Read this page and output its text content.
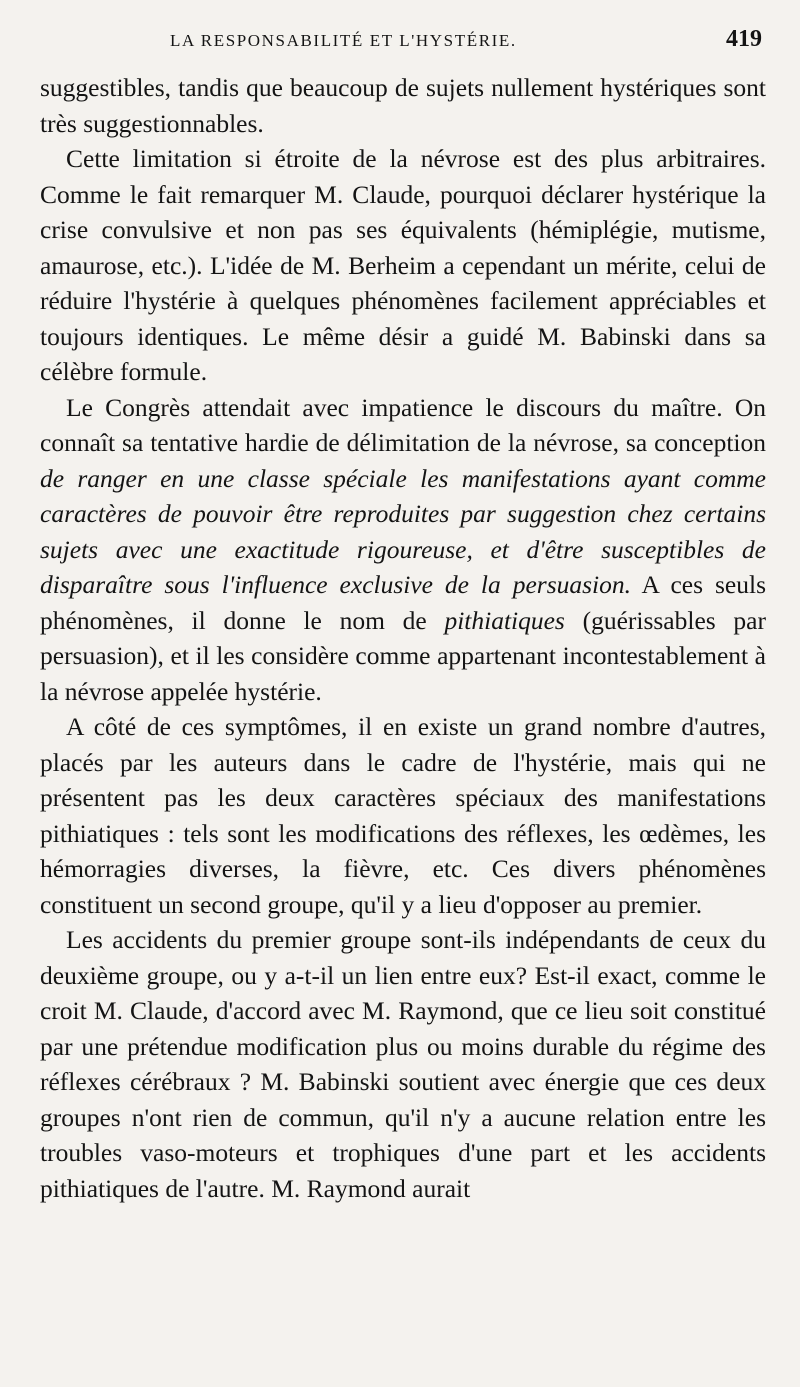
LA RESPONSABILITÉ ET L'HYSTÉRIE.	419

suggestibles, tandis que beaucoup de sujets nullement hystériques sont très suggestionnables.

Cette limitation si étroite de la névrose est des plus arbitraires. Comme le fait remarquer M. Claude, pourquoi déclarer hystérique la crise convulsive et non pas ses équivalents (hémiplégie, mutisme, amaurose, etc.). L'idée de M. Berheim a cependant un mérite, celui de réduire l'hystérie à quelques phénomènes facilement appréciables et toujours identiques. Le même désir a guidé M. Babinski dans sa célèbre formule.

Le Congrès attendait avec impatience le discours du maître. On connaît sa tentative hardie de délimitation de la névrose, sa conception de ranger en une classe spéciale les manifestations ayant comme caractères de pouvoir être reproduites par suggestion chez certains sujets avec une exactitude rigoureuse, et d'être susceptibles de disparaître sous l'influence exclusive de la persuasion. A ces seuls phénomènes, il donne le nom de pithiatiques (guérissables par persuasion), et il les considère comme appartenant incontestablement à la névrose appelée hystérie.

A côté de ces symptômes, il en existe un grand nombre d'autres, placés par les auteurs dans le cadre de l'hystérie, mais qui ne présentent pas les deux caractères spéciaux des manifestations pithiatiques : tels sont les modifications des réflexes, les œdèmes, les hémorragies diverses, la fièvre, etc. Ces divers phénomènes constituent un second groupe, qu'il y a lieu d'opposer au premier.

Les accidents du premier groupe sont-ils indépendants de ceux du deuxième groupe, ou y a-t-il un lien entre eux? Est-il exact, comme le croit M. Claude, d'accord avec M. Raymond, que ce lieu soit constitué par une prétendue modification plus ou moins durable du régime des réflexes cérébraux ? M. Babinski soutient avec énergie que ces deux groupes n'ont rien de commun, qu'il n'y a aucune relation entre les troubles vaso-moteurs et trophiques d'une part et les accidents pithiatiques de l'autre. M. Raymond aurait
